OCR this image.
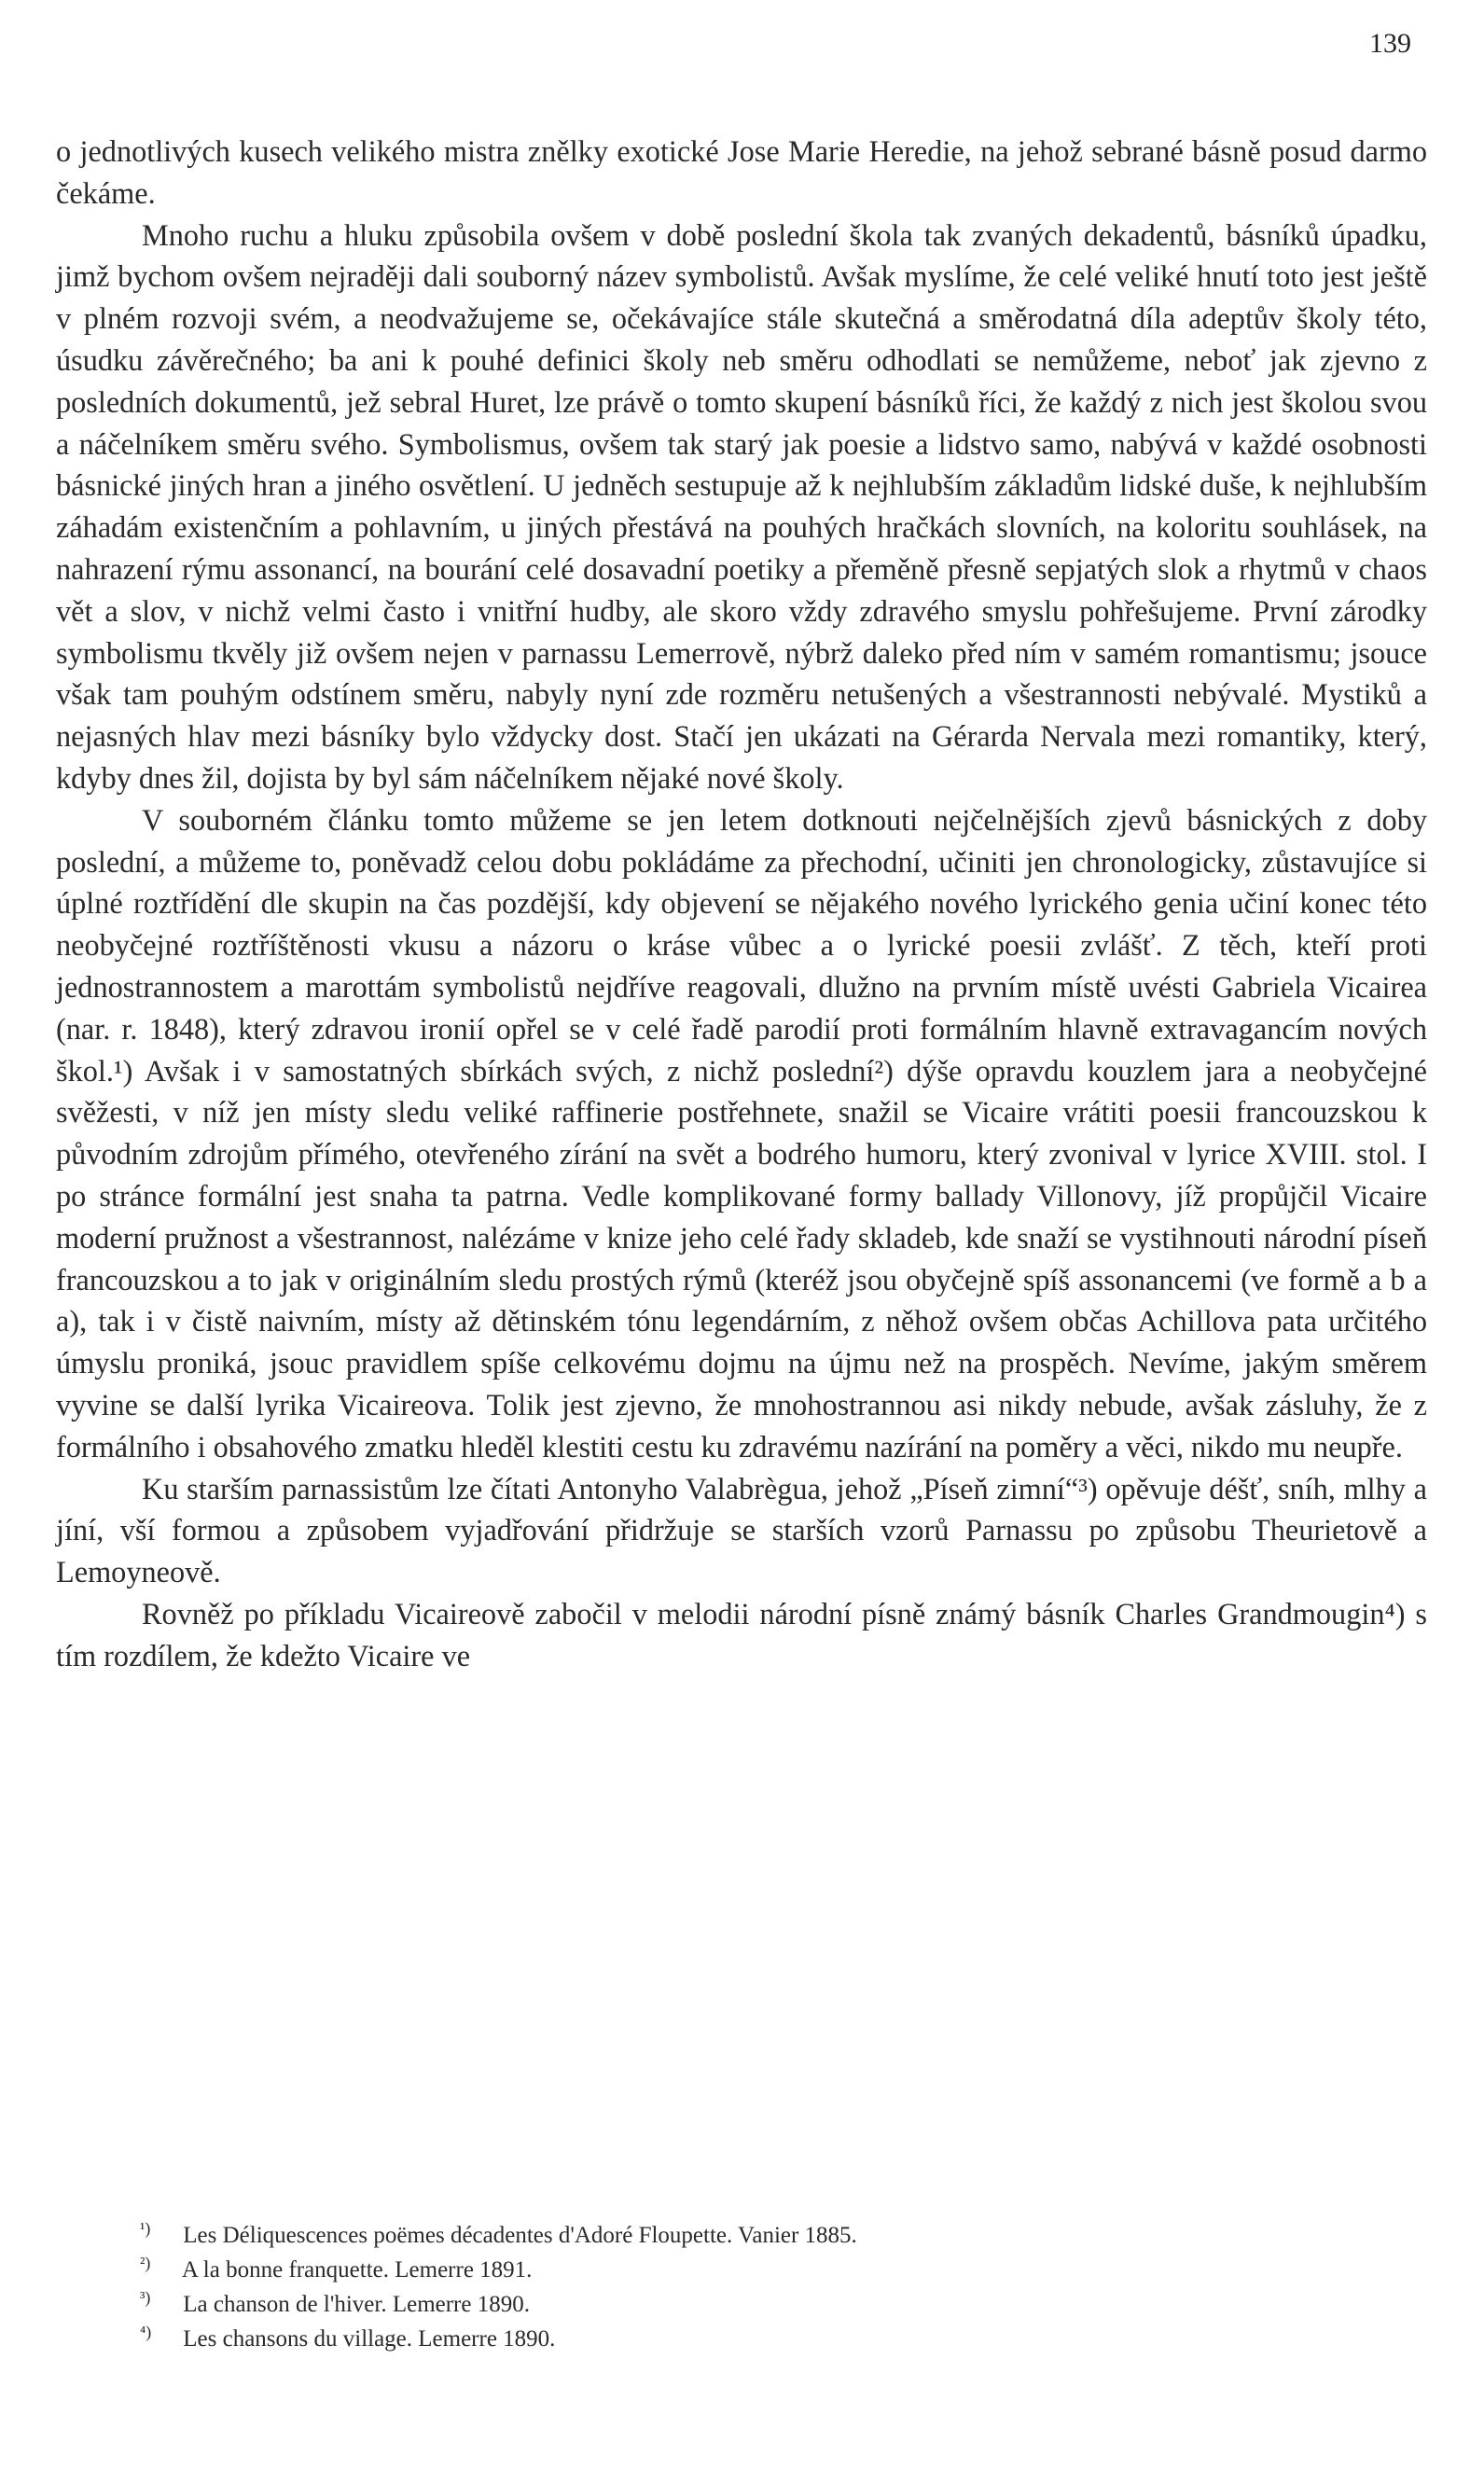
139

o jednotlivých kusech velikého mistra znělky exotické Jose Marie Heredie, na jehož sebrané básně posud darmo čekáme.

Mnoho ruchu a hluku způsobila ovšem v době poslední škola tak zvaných dekadentů, básníků úpadku, jimž bychom ovšem nejraději dali souborný název symbolistů. Avšak myslíme, že celé veliké hnutí toto jest ještě v plném rozvoji svém, a neodvažujeme se, očekávajíce stále skutečná a směrodatná díla adeptův školy této, úsudku závěrečného; ba ani k pouhé definici školy neb směru odhodlati se nemůžeme, neboť jak zjevno z posledních dokumentů, jež sebral Huret, lze právě o tomto skupení básníků říci, že každý z nich jest školou svou a náčelníkem směru svého. Symbolismus, ovšem tak starý jak poesie a lidstvo samo, nabývá v každé osobnosti básnické jiných hran a jiného osvětlení. U jedněch sestupuje až k nejhlubším základům lidské duše, k nejhlubším záhadám existenčním a pohlavním, u jiných přestává na pouhých hračkách slovních, na koloritu souhlásek, na nahrazení rýmu assonancí, na bourání celé dosavadní poetiky a přeměně přesně sepjatých slok a rhytmů v chaos vět a slov, v nichž velmi často i vnitřní hudby, ale skoro vždy zdravého smyslu pohřešujeme. První zárodky symbolismu tkvěly již ovšem nejen v parnassu Lemerrově, nýbrž daleko před ním v samém romantismu; jsouce však tam pouhým odstínem směru, nabyly nyní zde rozměru netušených a všestrannosti nebývalé. Mystiků a nejasných hlav mezi básníky bylo vždycky dost. Stačí jen ukázati na Gérarda Nervala mezi romantiky, který, kdyby dnes žil, dojista by byl sám náčelníkem nějaké nové školy.

V souborném článku tomto můžeme se jen letem dotknouti nejčelnějších zjevů básnických z doby poslední, a můžeme to, poněvadž celou dobu pokládáme za přechodní, učiniti jen chronologicky, zůstavujíce si úplné roztřídění dle skupin na čas pozdější, kdy objevení se nějakého nového lyrického genia učiní konec této neobyčejné roztříštěnosti vkusu a názoru o kráse vůbec a o lyrické poesii zvlášť. Z těch, kteří proti jednostrannostem a marottám symbolistů nejdříve reagovali, dlužno na prvním místě uvésti Gabriela Vicairea (nar. r. 1848), který zdravou ironií opřel se v celé řadě parodií proti formálním hlavně extravagancím nových škol.¹) Avšak i v samostatných sbírkách svých, z nichž poslední²) dýše opravdu kouzlem jara a neobyčejné svěžesti, v níž jen místy sledu veliké raffinerie postřehnete, snažil se Vicaire vrátiti poesii francouzskou k původním zdrojům přímého, otevřeného zírání na svět a bodrého humoru, který zvonival v lyrice XVIII. stol. I po stránce formální jest snaha ta patrna. Vedle komplikované formy ballady Villonovy, jíž propůjčil Vicaire moderní pružnost a všestrannost, nalézáme v knize jeho celé řady skladeb, kde snaží se vystihnouti národní píseň francouzskou a to jak v originálním sledu prostých rýmů (kteréž jsou obyčejně spíš assonancemi (ve formě a b a a), tak i v čistě naivním, místy až dětinském tónu legendárním, z něhož ovšem občas Achillova pata určitého úmyslu proniká, jsouc pravidlem spíše celkovému dojmu na újmu než na prospěch. Nevíme, jakým směrem vyvine se další lyrika Vicaireova. Tolik jest zjevno, že mnohostrannou asi nikdy nebude, avšak zásluhy, že z formálního i obsahového zmatku hleděl klestiti cestu ku zdravému nazírání na poměry a věci, nikdo mu neupře.

Ku starším parnassistům lze čítati Antonyho Valabrègua, jehož „Píseň zimní“³) opěvuje déšť, sníh, mlhy a jíní, vší formou a způsobem vyjadřování přidržuje se starších vzorů Parnassu po způsobu Theurietově a Lemoyneově.

Rovněž po příkladu Vicaireově zabočil v melodii národní písně známý básník Charles Grandmougin⁴) s tím rozdílem, že kdežto Vicaire ve

¹) Les Déliquescences poëmes décadentes d'Adoré Floupette. Vanier 1885.

²) A la bonne franquette. Lemerre 1891.

³) La chanson de l'hiver. Lemerre 1890.

⁴) Les chansons du village. Lemerre 1890.
